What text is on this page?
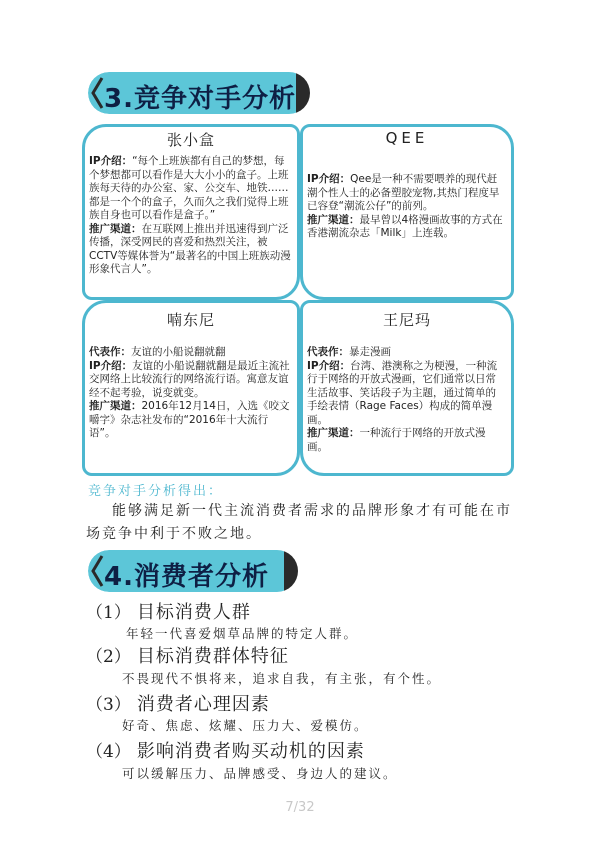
3.竞争对手分析
张小盒

IP介绍：“每个上班族都有自己的梦想，每个梦想都可以看作是大大小小的盒子。上班族每天待的办公室、家、公交车、地铁……都是一个个的盒子，久而久之我们觉得上班族自身也可以看作是盒子。”

推广渠道：在互联网上推出并迅速得到广泛传播，深受网民的喜爱和热烈关注，被CCTV等媒体誉为“最著名的中国上班族动漫形象代言人”。

QEE

IP介绍：Qee是一种不需要喂养的现代赶潮个性人士的必备塑胶宠物,其热门程度早已容登“潮流公仔”的前列。

推广渠道：最早曾以4格漫画故事的方式在香港潮流杂志「Milk」上连载。

喃东尼

代表作：友谊的小船说翻就翻

IP介绍：友谊的小船说翻就翻是最近主流社交网络上比较流行的网络流行语。寓意友谊经不起考验，说变就变。

推广渠道：2016年12月14日，入选《咬文嚼字》杂志社发布的“2016年十大流行语”。

王尼玛

代表作：暴走漫画

IP介绍：台湾、港澳称之为梗漫，一种流行于网络的开放式漫画，它们通常以日常生活故事、笑话段子为主题，通过简单的手绘表情（Rage Faces）构成的简单漫画。

推广渠道：一种流行于网络的开放式漫画。

竞争对手分析得出：
能够满足新一代主流消费者需求的品牌形象才有可能在市场竞争中利于不败之地。
4.消费者分析
（1） 目标消费人群
年轻一代喜爱烟草品牌的特定人群。
（2） 目标消费群体特征
不畏现代不惧将来，追求自我，有主张，有个性。
（3） 消费者心理因素
好奇、焦虑、炫耀、压力大、爱模仿。
（4） 影响消费者购买动机的因素
可以缓解压力、品牌感受、身边人的建议。
7/32
